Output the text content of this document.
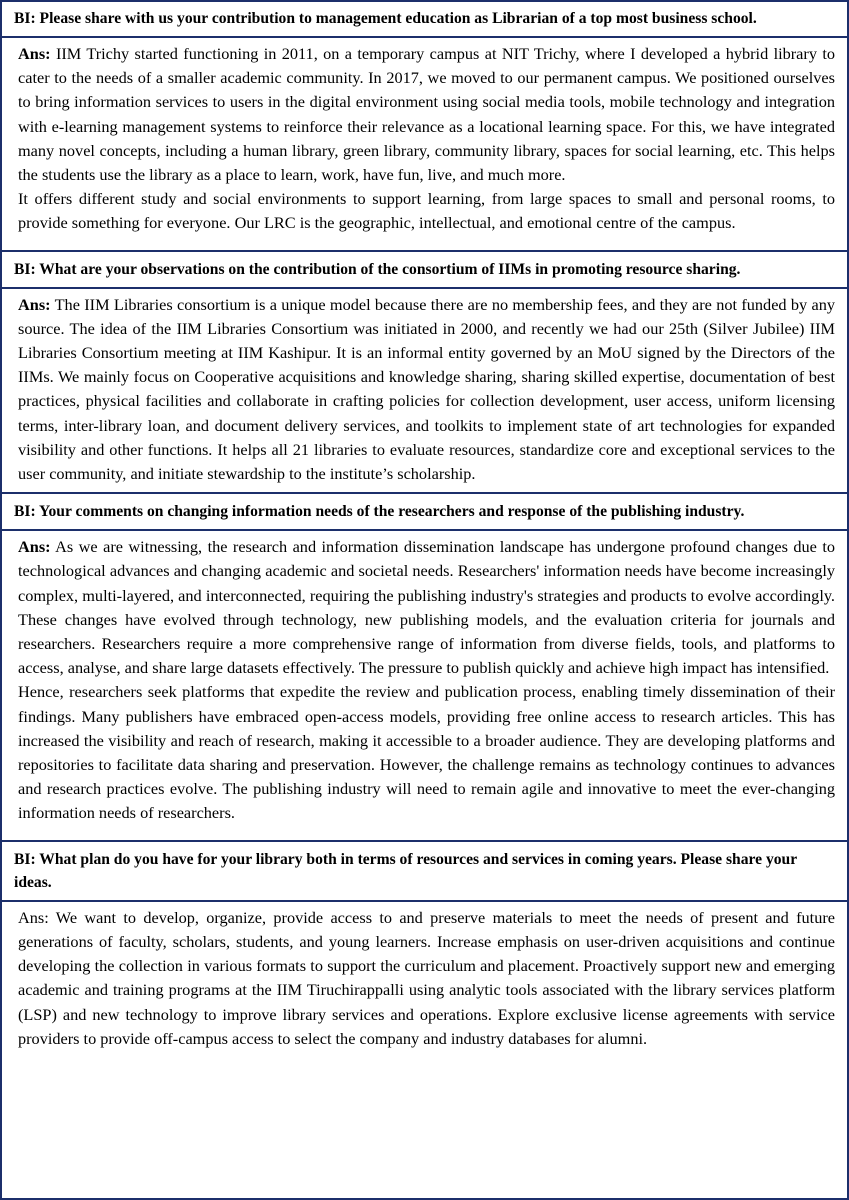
BI: Please share with us your contribution to management education as Librarian of a top most business school.

Ans: IIM Trichy started functioning in 2011, on a temporary campus at NIT Trichy, where I developed a hybrid library to cater to the needs of a smaller academic community. In 2017, we moved to our permanent campus. We positioned ourselves to bring information services to users in the digital environment using social media tools, mobile technology and integration with e-learning management systems to reinforce their relevance as a locational learning space. For this, we have integrated many novel concepts, including a human library, green library, community library, spaces for social learning, etc. This helps the students use the library as a place to learn, work, have fun, live, and much more.

It offers different study and social environments to support learning, from large spaces to small and personal rooms, to provide something for everyone. Our LRC is the geographic, intellectual, and emotional centre of the campus.

BI: What are your observations on the contribution of the consortium of IIMs in promoting resource sharing.

Ans: The IIM Libraries consortium is a unique model because there are no membership fees, and they are not funded by any source. The idea of the IIM Libraries Consortium was initiated in 2000, and recently we had our 25th (Silver Jubilee) IIM Libraries Consortium meeting at IIM Kashipur. It is an informal entity governed by an MoU signed by the Directors of the IIMs. We mainly focus on Cooperative acquisitions and knowledge sharing, sharing skilled expertise, documentation of best practices, physical facilities and collaborate in crafting policies for collection development, user access, uniform licensing terms, inter-library loan, and document delivery services, and toolkits to implement state of art technologies for expanded visibility and other functions. It helps all 21 libraries to evaluate resources, standardize core and exceptional services to the user community, and initiate stewardship to the institute’s scholarship.

BI: Your comments on changing information needs of the researchers and response of the publishing industry.

Ans: As we are witnessing, the research and information dissemination landscape has undergone profound changes due to technological advances and changing academic and societal needs. Researchers' information needs have become increasingly complex, multi-layered, and interconnected, requiring the publishing industry's strategies and products to evolve accordingly. These changes have evolved through technology, new publishing models, and the evaluation criteria for journals and researchers. Researchers require a more comprehensive range of information from diverse fields, tools, and platforms to access, analyse, and share large datasets effectively. The pressure to publish quickly and achieve high impact has intensified.

Hence, researchers seek platforms that expedite the review and publication process, enabling timely dissemination of their findings. Many publishers have embraced open-access models, providing free online access to research articles. This has increased the visibility and reach of research, making it accessible to a broader audience. They are developing platforms and repositories to facilitate data sharing and preservation. However, the challenge remains as technology continues to advances and research practices evolve. The publishing industry will need to remain agile and innovative to meet the ever-changing information needs of researchers.

BI: What plan do you have for your library both in terms of resources and services in coming years. Please share your ideas.

Ans: We want to develop, organize, provide access to and preserve materials to meet the needs of present and future generations of faculty, scholars, students, and young learners. Increase emphasis on user-driven acquisitions and continue developing the collection in various formats to support the curriculum and placement. Proactively support new and emerging academic and training programs at the IIM Tiruchirappalli using analytic tools associated with the library services platform (LSP) and new technology to improve library services and operations. Explore exclusive license agreements with service providers to provide off-campus access to select the company and industry databases for alumni.
